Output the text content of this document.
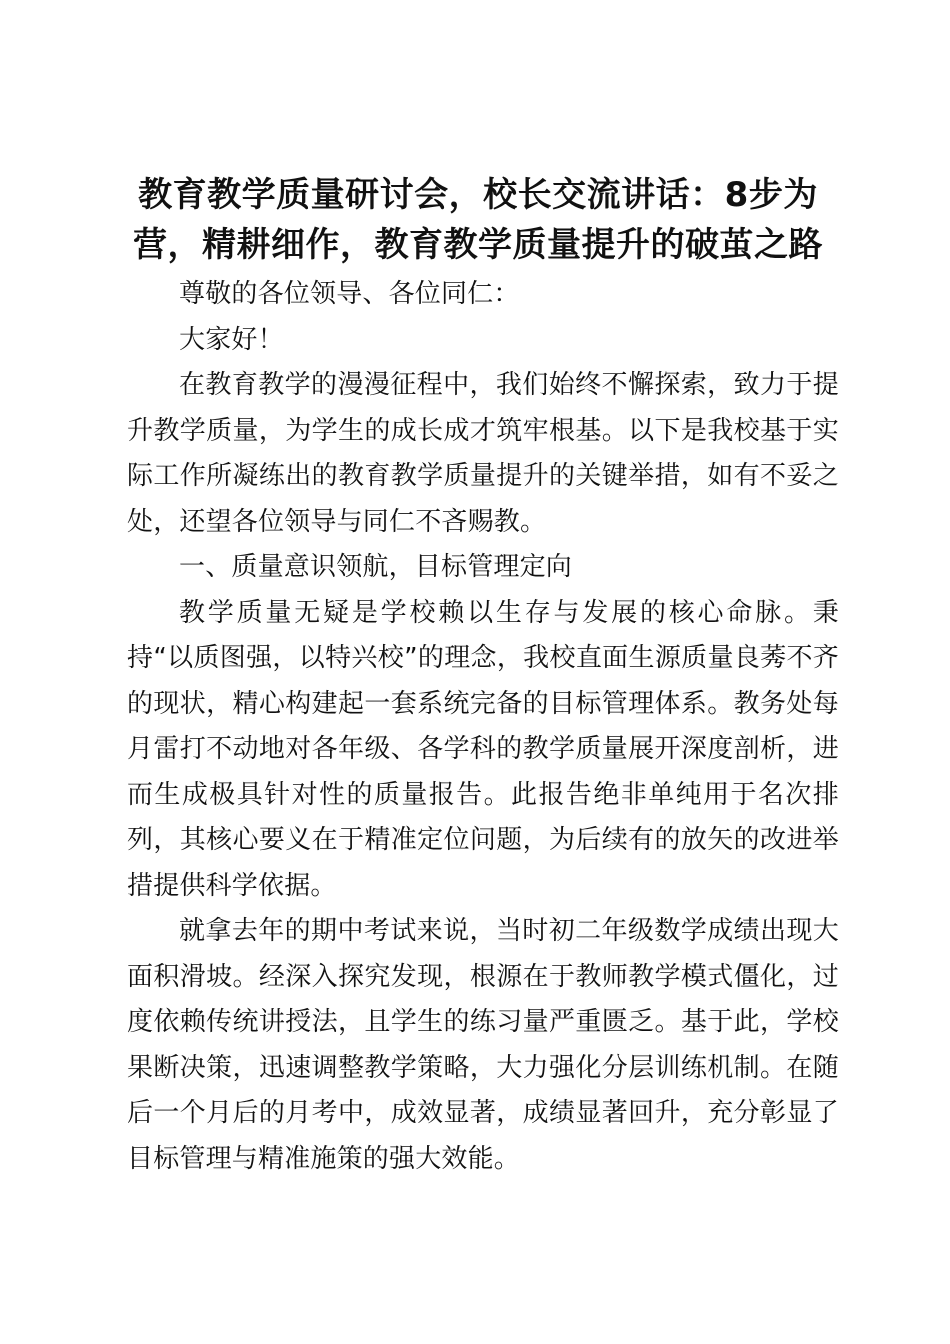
教育教学质量研讨会，校长交流讲话：8步为营，精耕细作，教育教学质量提升的破茧之路

尊敬的各位领导、各位同仁：

大家好！

在教育教学的漫漫征程中，我们始终不懈探索，致力于提升教学质量，为学生的成长成才筑牢根基。以下是我校基于实际工作所凝练出的教育教学质量提升的关键举措，如有不妥之处，还望各位领导与同仁不吝赐教。

一、质量意识领航，目标管理定向

教学质量无疑是学校赖以生存与发展的核心命脉。秉持“以质图强，以特兴校”的理念，我校直面生源质量良莠不齐的现状，精心构建起一套系统完备的目标管理体系。教务处每月雷打不动地对各年级、各学科的教学质量展开深度剖析，进而生成极具针对性的质量报告。此报告绝非单纯用于名次排列，其核心要义在于精准定位问题，为后续有的放矢的改进举措提供科学依据。

就拿去年的期中考试来说，当时初二年级数学成绩出现大面积滑坡。经深入探究发现，根源在于教师教学模式僵化，过度依赖传统讲授法，且学生的练习量严重匮乏。基于此，学校果断决策，迅速调整教学策略，大力强化分层训练机制。在随后一个月后的月考中，成效显著，成绩显著回升，充分彰显了目标管理与精准施策的强大效能。
